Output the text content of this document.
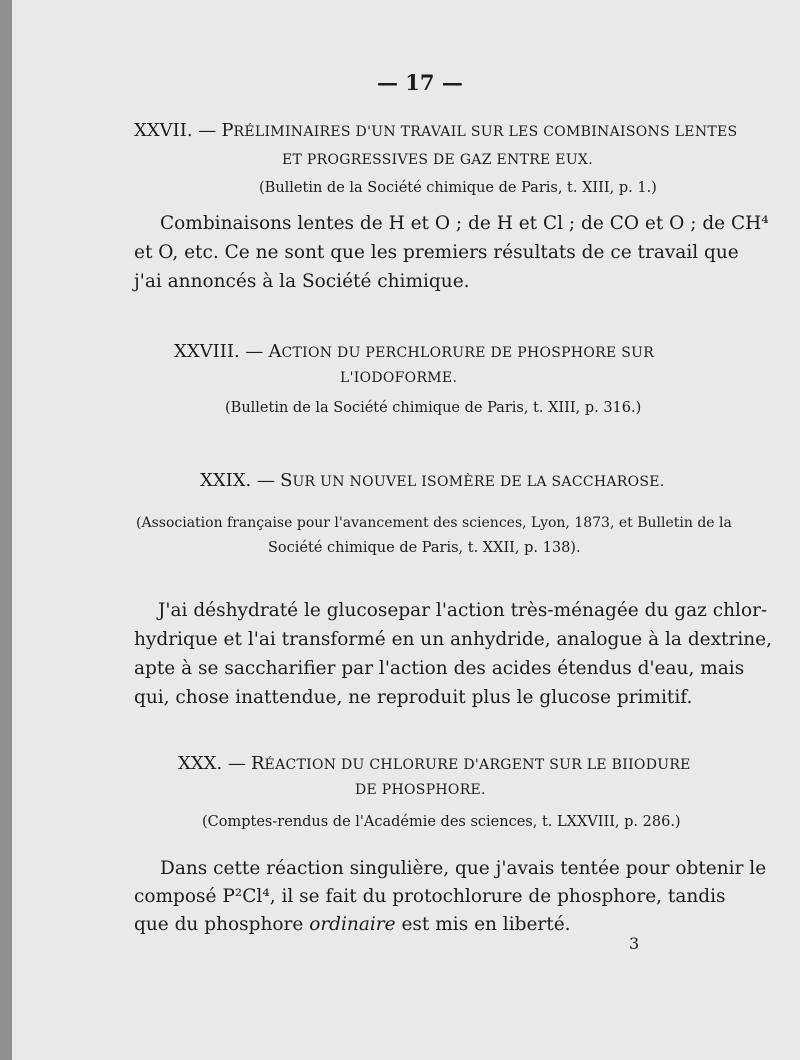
— 17 —
XXVII. — PRÉLIMINAIRES D'UN TRAVAIL SUR LES COMBINAISONS LENTES
ET PROGRESSIVES DE GAZ ENTRE EUX.
(Bulletin de la Société chimique de Paris, t. XIII, p. 1.)
Combinaisons lentes de H et O ; de H et Cl ; de CO et O ; de CH⁴
et O, etc. Ce ne sont que les premiers résultats de ce travail que
j'ai annoncés à la Société chimique.
XXVIII. — ACTION DU PERCHLORURE DE PHOSPHORE SUR
L'IODOFORME.
(Bulletin de la Société chimique de Paris, t. XIII, p. 316.)
XXIX. — SUR UN NOUVEL ISOMÈRE DE LA SACCHAROSE.
(Association française pour l'avancement des sciences, Lyon, 1873, et Bulletin de la
Société chimique de Paris, t. XXII, p. 138).
J'ai déshydraté le glucosepar l'action très-ménagée du gaz chlor-
hydrique et l'ai transformé en un anhydride, analogue à la dextrine,
apte à se saccharifier par l'action des acides étendus d'eau, mais
qui, chose inattendue, ne reproduit plus le glucose primitif.
XXX. — RÉACTION DU CHLORURE D'ARGENT SUR LE BIIODURE
DE PHOSPHORE.
(Comptes-rendus de l'Académie des sciences, t. LXXVIII, p. 286.)
Dans cette réaction singulière, que j'avais tentée pour obtenir le
composé P²Cl⁴, il se fait du protochlorure de phosphore, tandis
que du phosphore ordinaire est mis en liberté.
3
